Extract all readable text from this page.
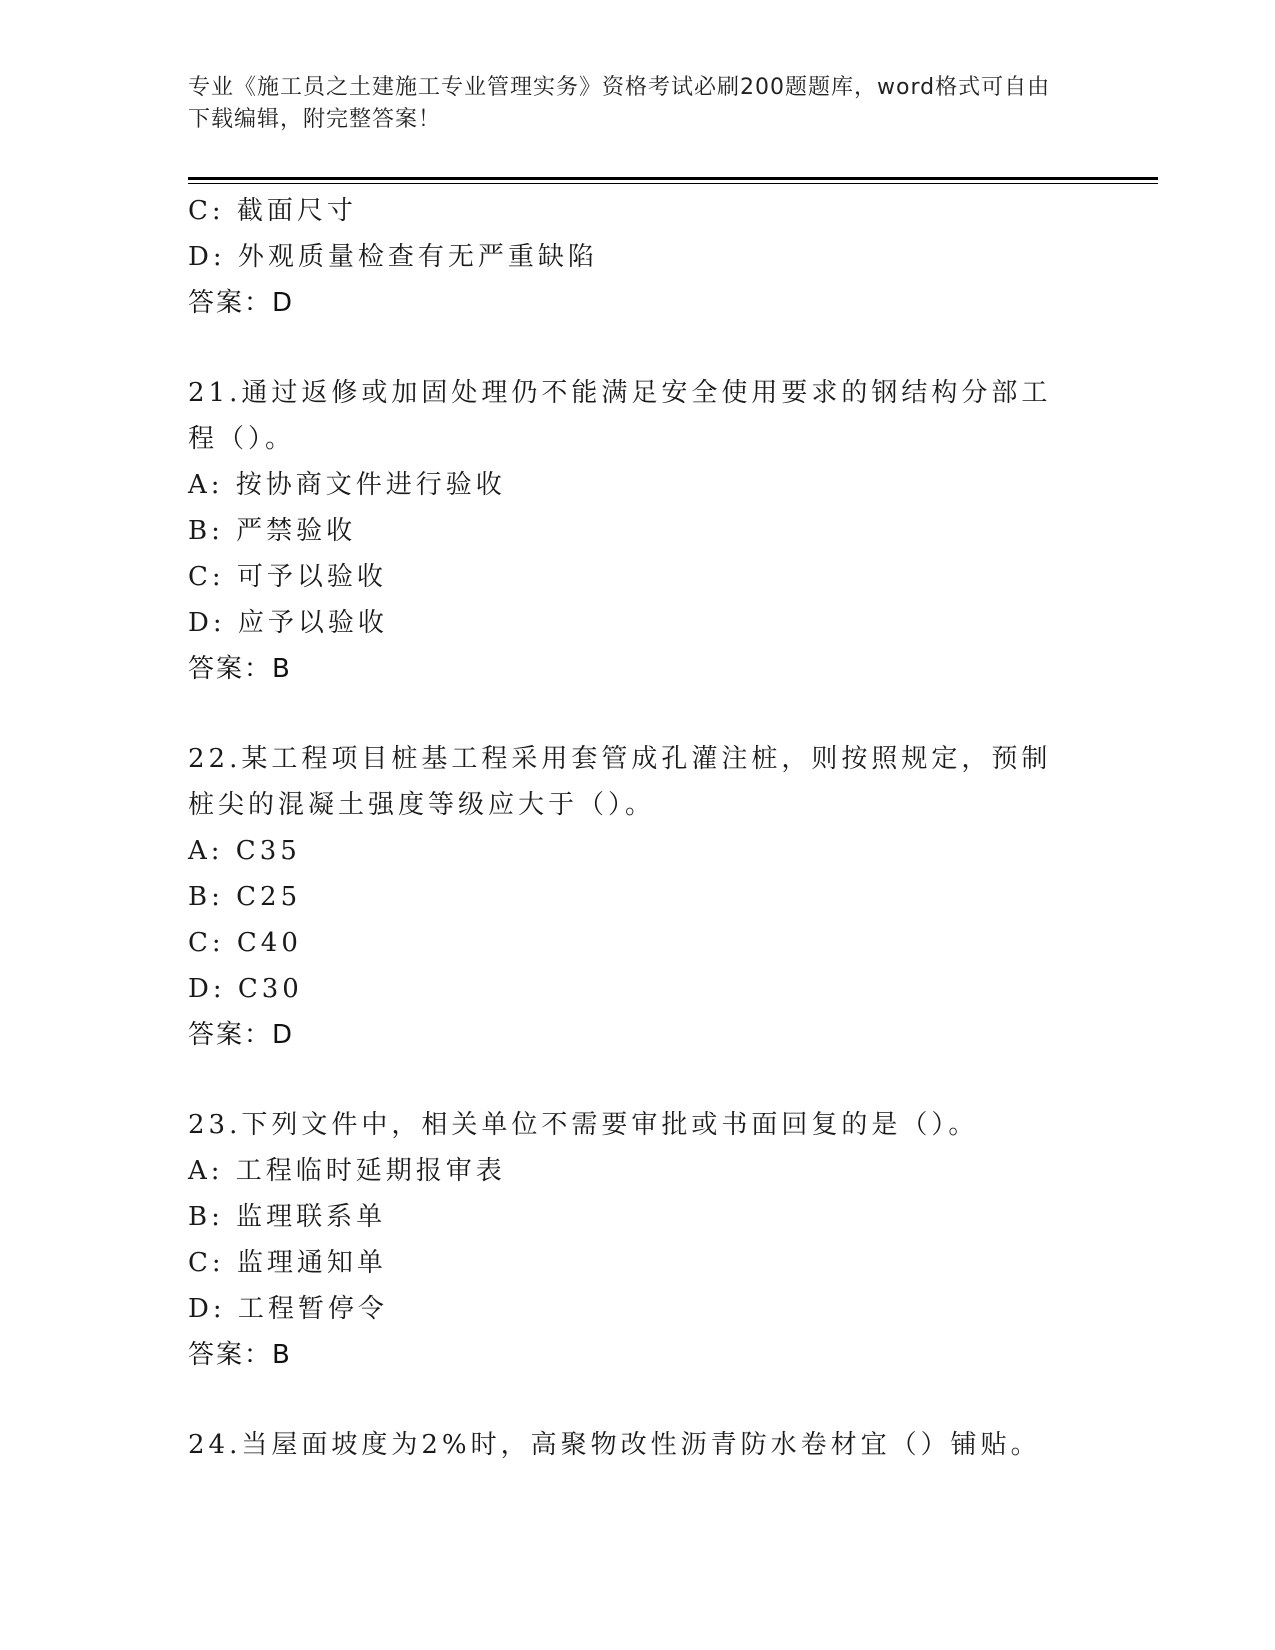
专业《施工员之土建施工专业管理实务》资格考试必刷200题题库，word格式可自由下载编辑，附完整答案！
C: 截面尺寸
D: 外观质量检查有无严重缺陷
答案：D
21.通过返修或加固处理仍不能满足安全使用要求的钢结构分部工程（）。
A: 按协商文件进行验收
B: 严禁验收
C: 可予以验收
D: 应予以验收
答案：B
22.某工程项目桩基工程采用套管成孔灌注桩，则按照规定，预制桩尖的混凝土强度等级应大于（）。
A: C35
B: C25
C: C40
D: C30
答案：D
23.下列文件中，相关单位不需要审批或书面回复的是（）。
A: 工程临时延期报审表
B: 监理联系单
C: 监理通知单
D: 工程暂停令
答案：B
24.当屋面坡度为2%时，高聚物改性沥青防水卷材宜（）铺贴。
